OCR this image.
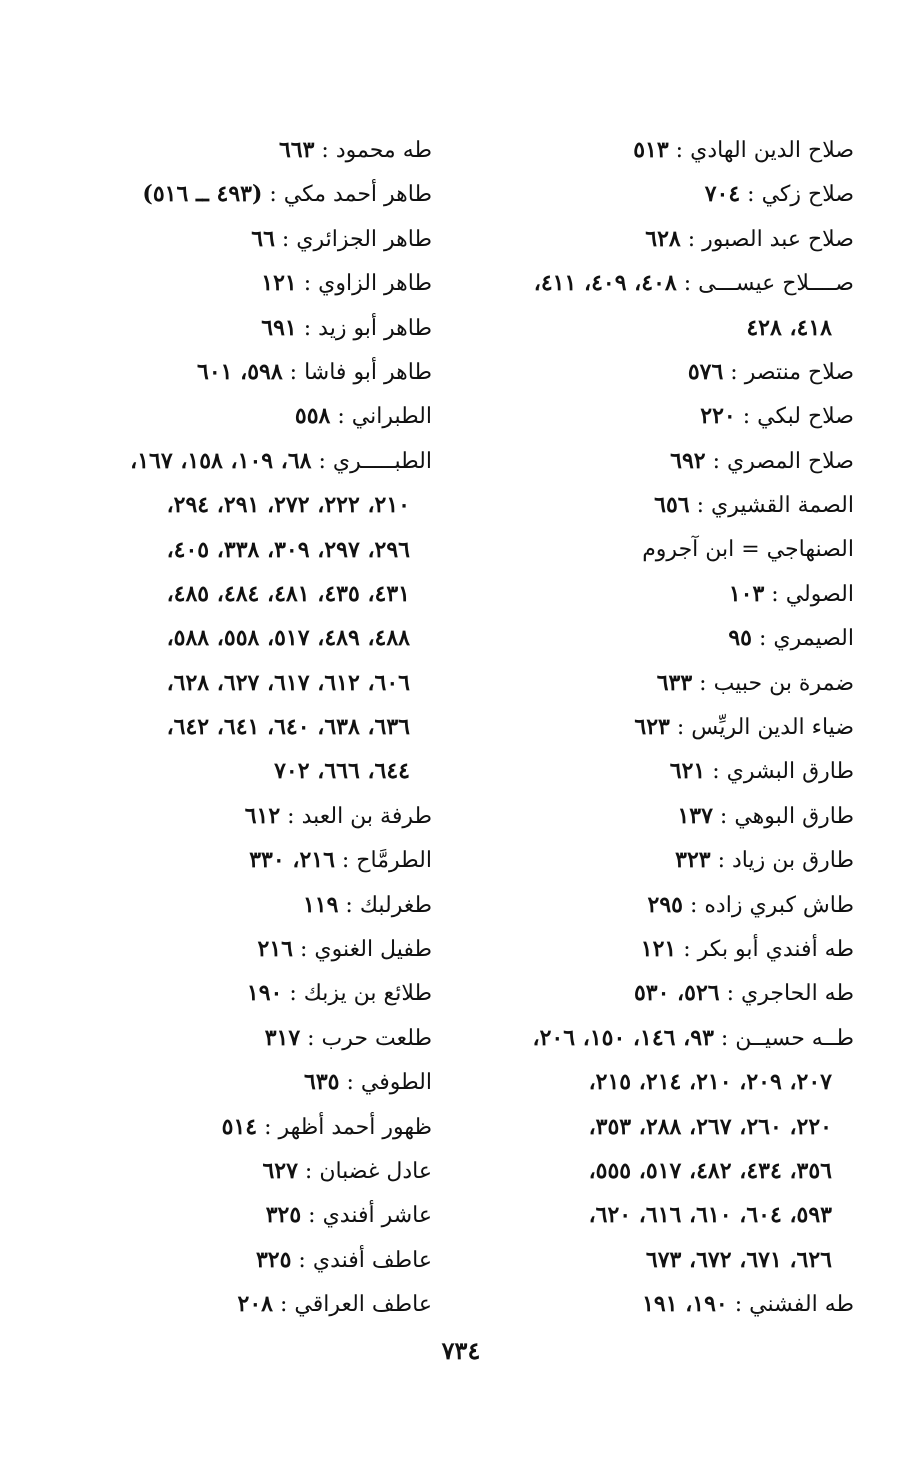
صلاح الدين الهادي : ٥١٣
صلاح زكي : ٧٠٤
صلاح عبد الصبور : ٦٢٨
صــــلاح عيســـى : ٤٠٨، ٤٠٩، ٤١١،
٤١٨، ٤٢٨
صلاح منتصر : ٥٧٦
صلاح لبكي : ٢٢٠
صلاح المصري : ٦٩٢
الصمة القشيري : ٦٥٦
الصنهاجي = ابن آجروم
الصولي : ١٠٣
الصيمري : ٩٥
ضمرة بن حبيب : ٦٣٣
ضياء الدين الريِّس : ٦٢٣
طارق البشري : ٦٢١
طارق البوهي : ١٣٧
طارق بن زياد : ٣٢٣
طاش كبري زاده : ٢٩٥
طه أفندي أبو بكر : ١٢١
طه الحاجري : ٥٢٦، ٥٣٠
طــه حسيــن : ٩٣، ١٤٦، ١٥٠، ٢٠٦،
٢٠٧، ٢٠٩، ٢١٠، ٢١٤، ٢١٥،
٢٢٠، ٢٦٠، ٢٦٧، ٢٨٨، ٣٥٣،
٣٥٦، ٤٣٤، ٤٨٢، ٥١٧، ٥٥٥،
٥٩٣، ٦٠٤، ٦١٠، ٦١٦، ٦٢٠،
٦٢٦، ٦٧١، ٦٧٢، ٦٧٣
طه الفشني : ١٩٠، ١٩١
طه محمود : ٦٦٣
طاهر أحمد مكي : (٤٩٣ ــ ٥١٦)
طاهر الجزائري : ٦٦
طاهر الزاوي : ١٢١
طاهر أبو زيد : ٦٩١
طاهر أبو فاشا : ٥٩٨، ٦٠١
الطبراني : ٥٥٨
الطبـــــري : ٦٨، ١٠٩، ١٥٨، ١٦٧،
٢١٠، ٢٢٢، ٢٧٢، ٢٩١، ٢٩٤،
٢٩٦، ٢٩٧، ٣٠٩، ٣٣٨، ٤٠٥،
٤٣١، ٤٣٥، ٤٨١، ٤٨٤، ٤٨٥،
٤٨٨، ٤٨٩، ٥١٧، ٥٥٨، ٥٨٨،
٦٠٦، ٦١٢، ٦١٧، ٦٢٧، ٦٢٨،
٦٣٦، ٦٣٨، ٦٤٠، ٦٤١، ٦٤٢،
٦٤٤، ٦٦٦، ٧٠٢
طرفة بن العبد : ٦١٢
الطرمَّاح : ٢١٦، ٣٣٠
طغرلبك : ١١٩
طفيل الغنوي : ٢١٦
طلائع بن يزبك : ١٩٠
طلعت حرب : ٣١٧
الطوفي : ٦٣٥
ظهور أحمد أظهر : ٥١٤
عادل غضبان : ٦٢٧
عاشر أفندي : ٣٢٥
عاطف أفندي : ٣٢٥
عاطف العراقي : ٢٠٨
٧٣٤
